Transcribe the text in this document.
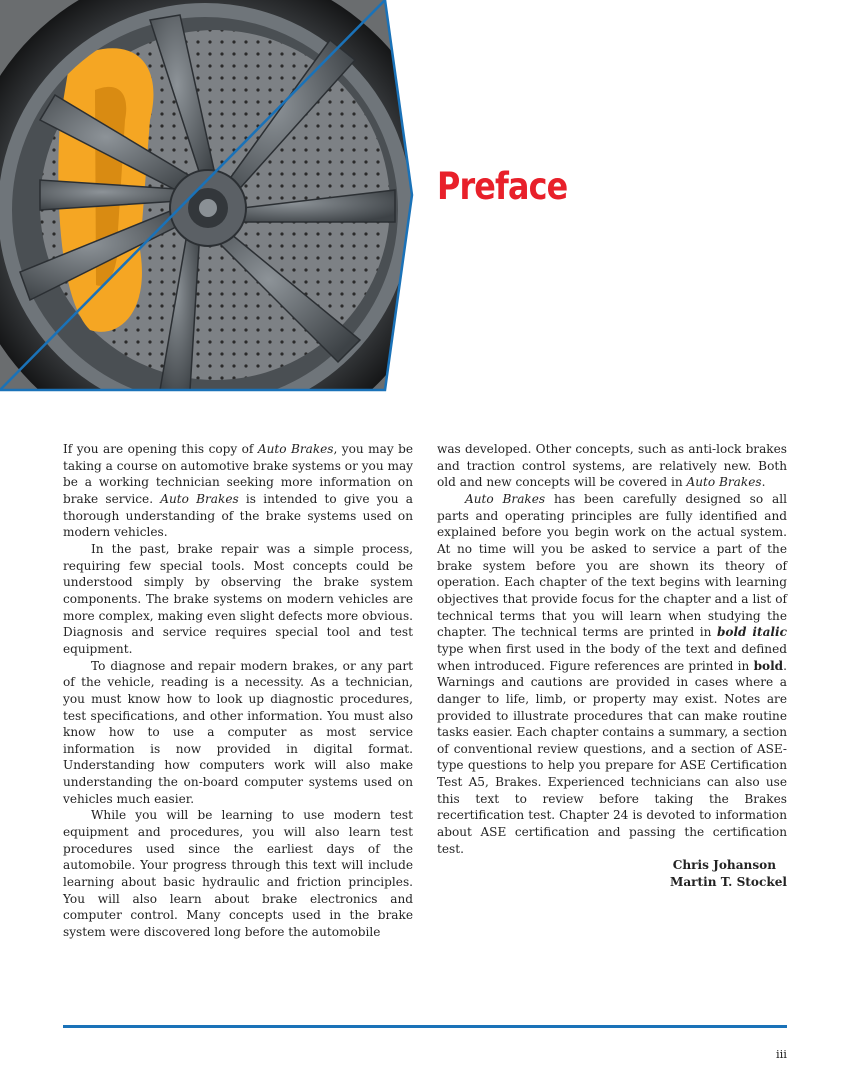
Preface

If you are opening this copy of Auto Brakes, you may be taking a course on automotive brake systems or you may be a working technician seeking more information on brake service. Auto Brakes is intended to give you a thorough understanding of the brake systems used on modern vehicles.

In the past, brake repair was a simple process, requiring few special tools. Most concepts could be understood simply by observing the brake system components. The brake systems on modern vehicles are more complex, making even slight defects more obvious. Diagnosis and service requires special tool and test equipment.

To diagnose and repair modern brakes, or any part of the vehicle, reading is a necessity. As a technician, you must know how to look up diagnostic procedures, test specifications, and other information. You must also know how to use a computer as most service information is now provided in digital format. Understanding how computers work will also make understanding the on-board computer systems used on vehicles much easier.

While you will be learning to use modern test equipment and procedures, you will also learn test procedures used since the earliest days of the automobile. Your progress through this text will include learning about basic hydraulic and friction principles. You will also learn about brake electronics and computer control. Many concepts used in the brake system were discovered long before the automobile

was developed. Other concepts, such as anti-lock brakes and traction control systems, are relatively new. Both old and new concepts will be covered in Auto Brakes.

Auto Brakes has been carefully designed so all parts and operating principles are fully identified and explained before you begin work on the actual system. At no time will you be asked to service a part of the brake system before you are shown its theory of operation. Each chapter of the text begins with learning objectives that provide focus for the chapter and a list of technical terms that you will learn when studying the chapter. The technical terms are printed in bold italic type when first used in the body of the text and defined when introduced. Figure references are printed in bold. Warnings and cautions are provided in cases where a danger to life, limb, or property may exist. Notes are provided to illustrate procedures that can make routine tasks easier. Each chapter contains a summary, a section of conventional review questions, and a section of ASE-type questions to help you prepare for ASE Certification Test A5, Brakes. Experienced technicians can also use this text to review before taking the Brakes recertification test. Chapter 24 is devoted to information about ASE certification and passing the certification test.

Chris Johanson
Martin T. Stockel
iii
